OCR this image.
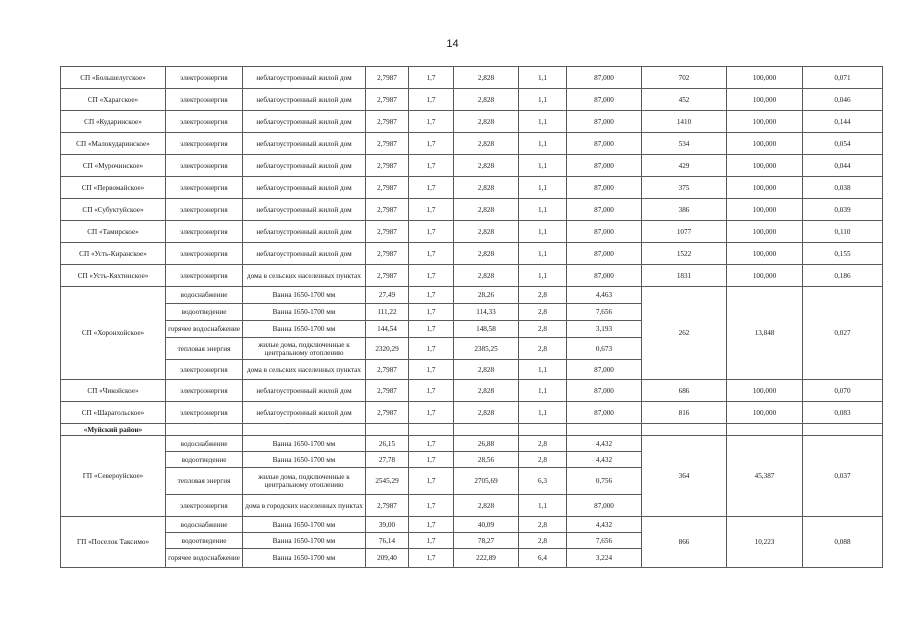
14
СП «Большелугское»	электроэнергия	неблагоустроенный жилой дом	2,7987	1,7	2,828	1,1	87,000	702	100,000	0,071
СП «Харагское»	электроэнергия	неблагоустроенный жилой дом	2,7987	1,7	2,828	1,1	87,000	452	100,000	0,046
СП «Кударинское»	электроэнергия	неблагоустроенный жилой дом	2,7987	1,7	2,828	1,1	87,000	1410	100,000	0,144
СП «Малокударинское»	электроэнергия	неблагоустроенный жилой дом	2,7987	1,7	2,828	1,1	87,000	534	100,000	0,054
СП «Мурочинское»	электроэнергия	неблагоустроенный жилой дом	2,7987	1,7	2,828	1,1	87,000	429	100,000	0,044
СП «Первомайское»	электроэнергия	неблагоустроенный жилой дом	2,7987	1,7	2,828	1,1	87,000	375	100,000	0,038
СП «Субуктуйское»	электроэнергия	неблагоустроенный жилой дом	2,7987	1,7	2,828	1,1	87,000	386	100,000	0,039
СП «Тамирское»	электроэнергия	неблагоустроенный жилой дом	2,7987	1,7	2,828	1,1	87,000	1077	100,000	0,110
СП «Усть-Киранское»	электроэнергия	неблагоустроенный жилой дом	2,7987	1,7	2,828	1,1	87,000	1522	100,000	0,155
СП «Усть-Кяхтинское»	электроэнергия	дома в сельских населенных пунктах	2,7987	1,7	2,828	1,1	87,000	1831	100,000	0,186
СП «Хоронхойское»	водоснабжение	Ванна 1650-1700 мм	27,49	1,7	28,26	2,8	4,463	262	13,848	0,027
	водоотведение	Ванна 1650-1700 мм	111,22	1,7	114,33	2,8	7,656			
	горячее водоснабжение	Ванна 1650-1700 мм	144,54	1,7	148,58	2,8	3,193			
	тепловая энергия	жилые дома, подключенные к центральному отоплению	2320,29	1,7	2385,25	2,8	0,673			
	электроэнергия	дома в сельских населенных пунктах	2,7987	1,7	2,828	1,1	87,000			
СП «Чикойское»	электроэнергия	неблагоустроенный жилой дом	2,7987	1,7	2,828	1,1	87,000	686	100,000	0,070
СП «Шарагольское»	электроэнергия	неблагоустроенный жилой дом	2,7987	1,7	2,828	1,1	87,000	816	100,000	0,083
«Муйский район»										
ГП «Североуйское»	водоснабжение	Ванна 1650-1700 мм	26,15	1,7	26,88	2,8	4,432	364	45,387	0,037
	водоотведение	Ванна 1650-1700 мм	27,78	1,7	28,56	2,8	4,432			
	тепловая энергия	жилые дома, подключенные к центральному отоплению	2545,29	1,7	2705,69	6,3	0,756			
	электроэнергия	дома в городских населенных пунктах	2,7987	1,7	2,828	1,1	87,000			
ГП «Поселок Таксимо»	водоснабжение	Ванна 1650-1700 мм	39,00	1,7	40,09	2,8	4,432	866	10,223	0,088
	водоотведение	Ванна 1650-1700 мм	76,14	1,7	78,27	2,8	7,656			
	горячее водоснабжение	Ванна 1650-1700 мм	209,40	1,7	222,89	6,4	3,224			
